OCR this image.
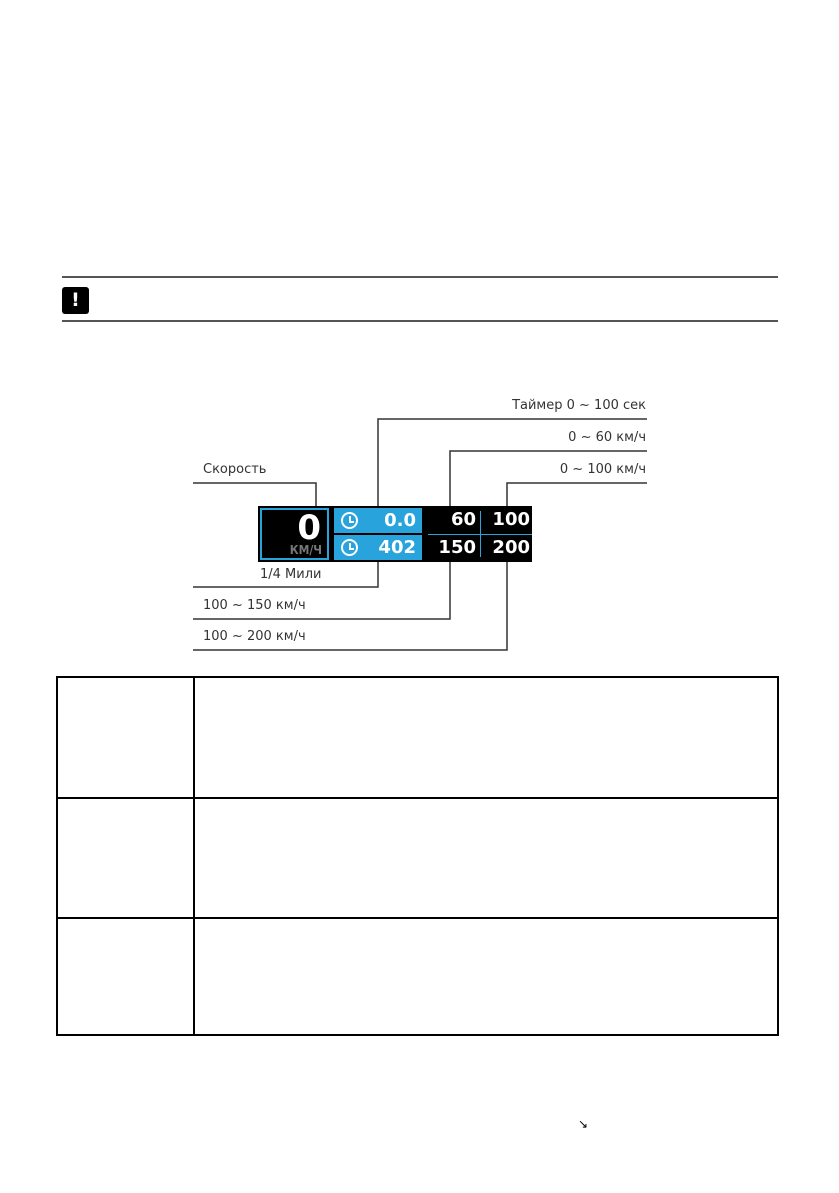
!
Таймер 0 ~ 100 сек
0 ~ 60 км/ч
0 ~ 100 км/ч
Скорость
1/4 Мили
100 ~ 150 км/ч
100 ~ 200 км/ч
0
КМ/Ч
0.0
402
60 100
150 200
↘
